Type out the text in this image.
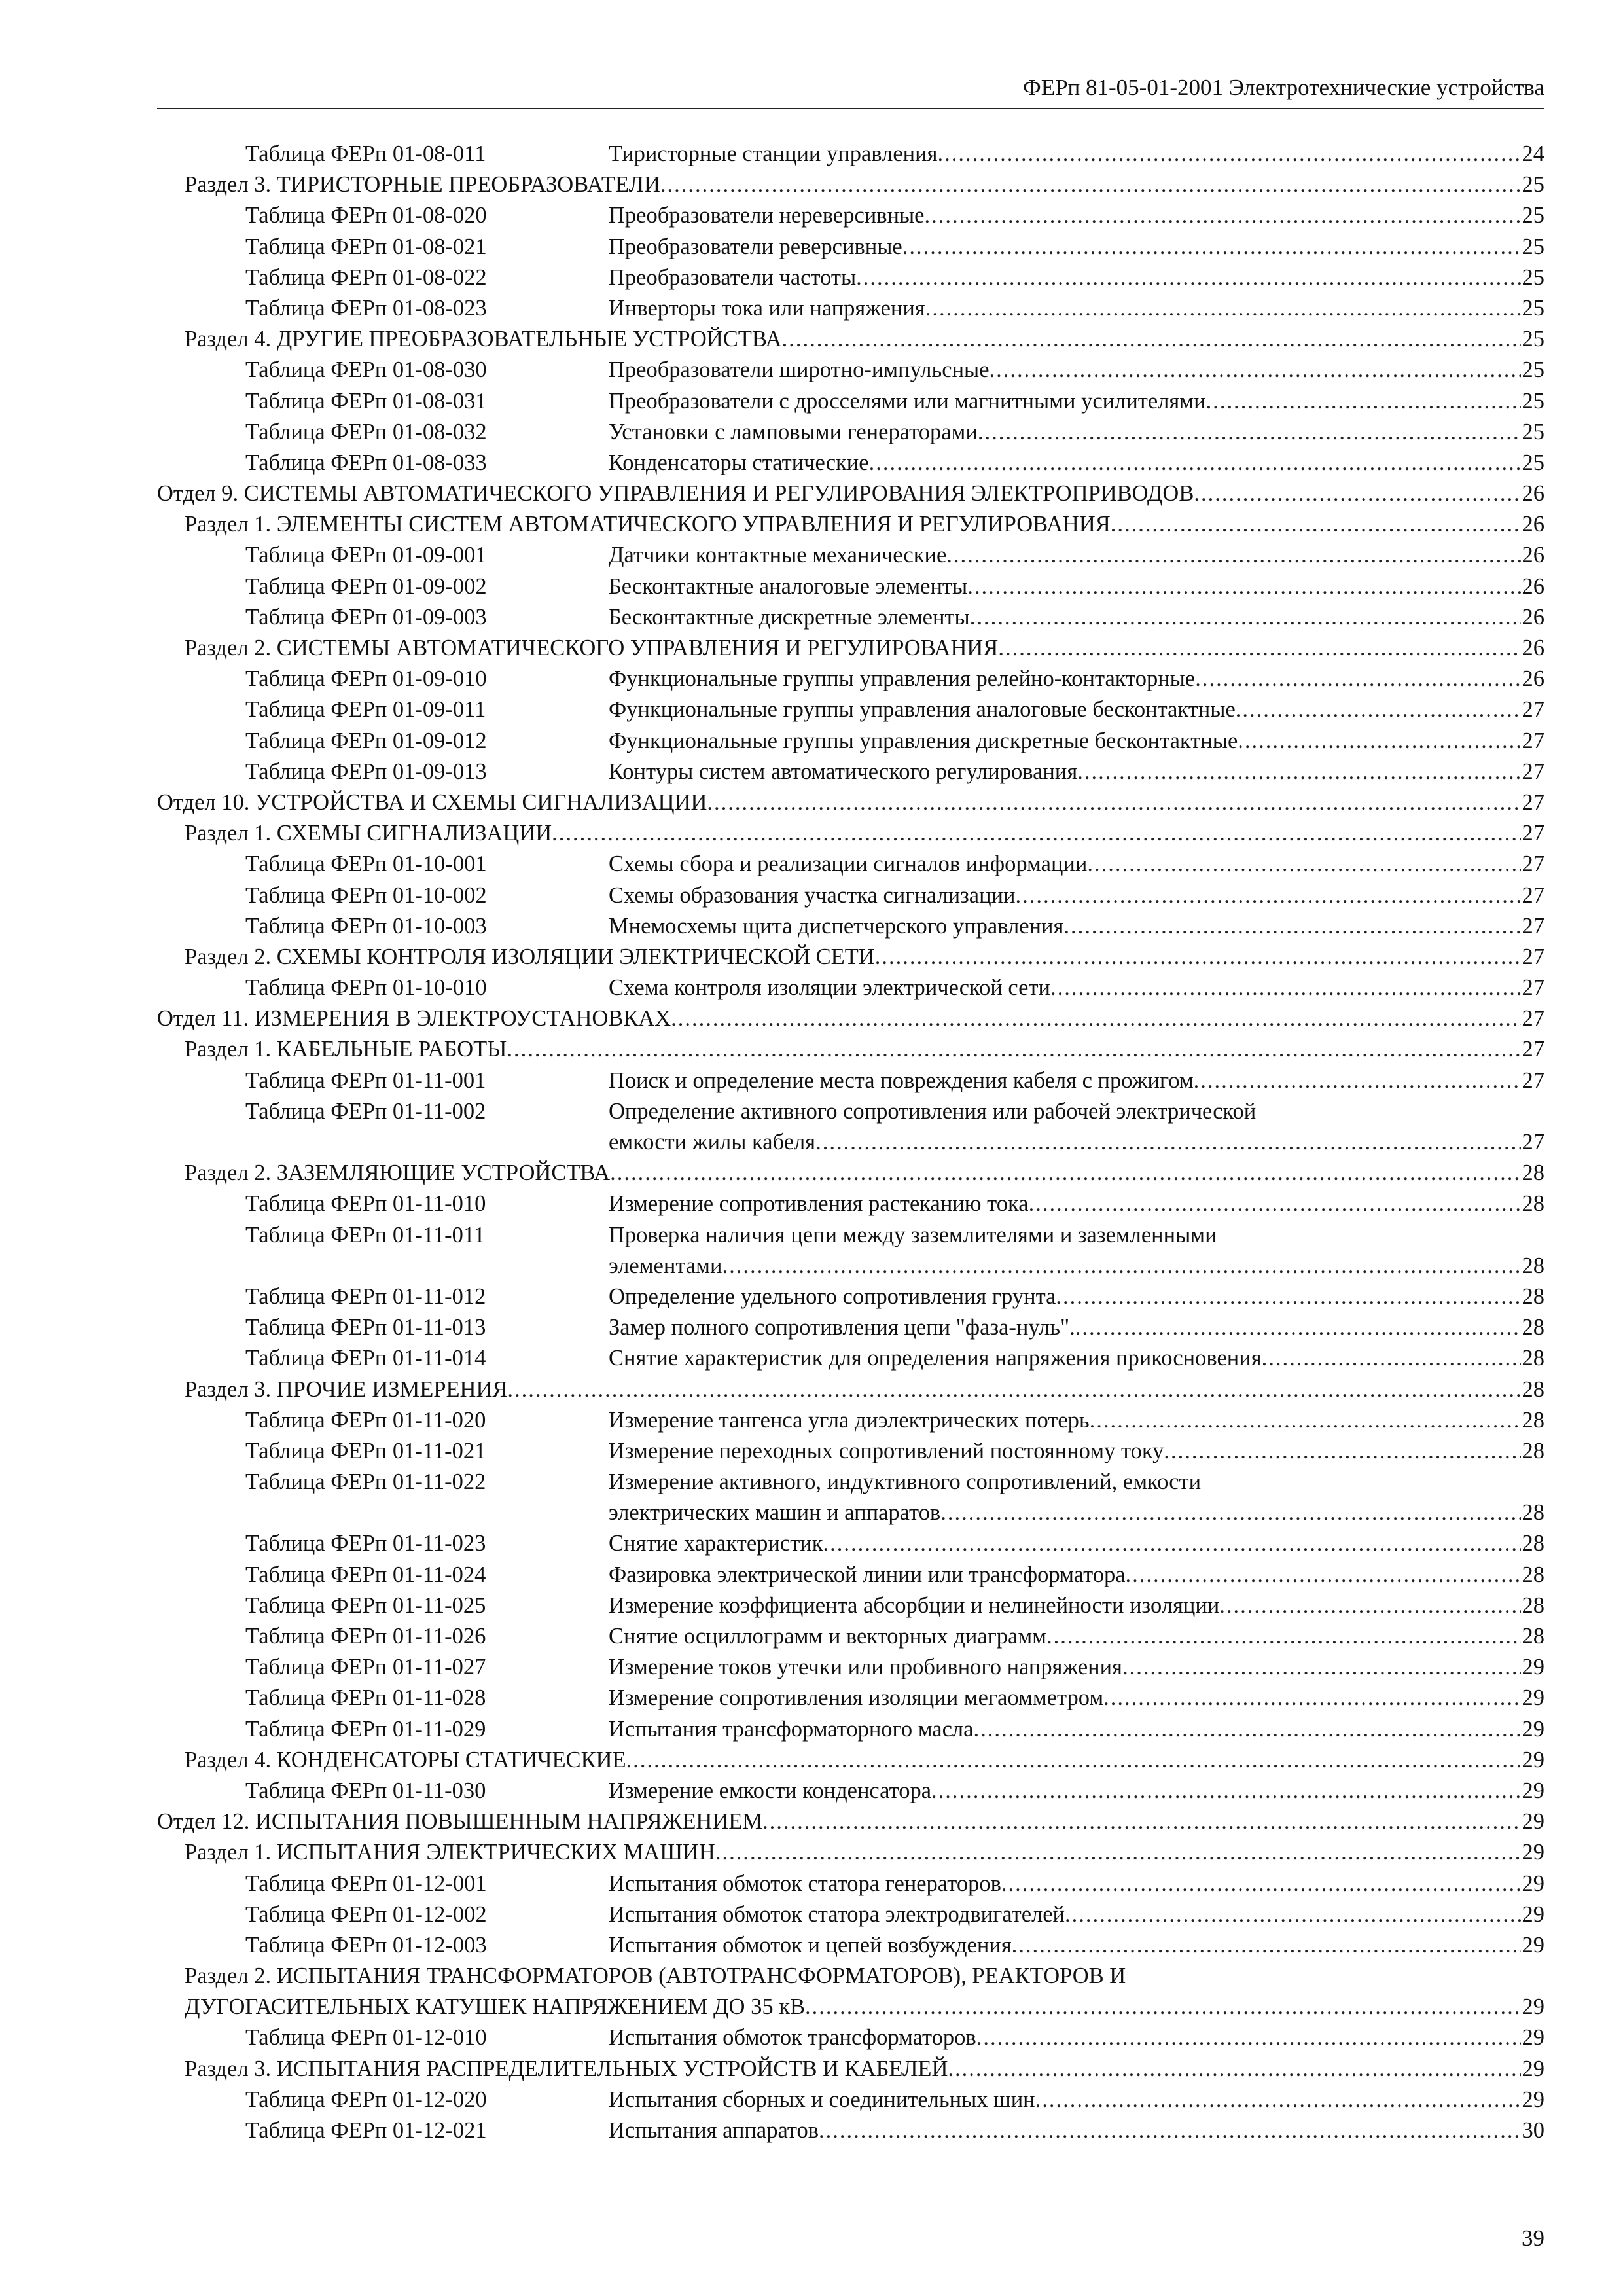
ФЕРп 81-05-01-2001 Электротехнические устройства
Таблица ФЕРп 01-08-011	Тиристорные станции управления .....	24
Раздел 3. ТИРИСТОРНЫЕ ПРЕОБРАЗОВАТЕЛИ .....	25
Таблица ФЕРп 01-08-020	Преобразователи нереверсивные .....	25
Таблица ФЕРп 01-08-021	Преобразователи реверсивные .....	25
Таблица ФЕРп 01-08-022	Преобразователи частоты .....	25
Таблица ФЕРп 01-08-023	Инверторы тока или напряжения .....	25
Раздел 4. ДРУГИЕ ПРЕОБРАЗОВАТЕЛЬНЫЕ УСТРОЙСТВА .....	25
Таблица ФЕРп 01-08-030	Преобразователи широтно-импульсные .....	25
Таблица ФЕРп 01-08-031	Преобразователи с дросселями или магнитными усилителями .....	25
Таблица ФЕРп 01-08-032	Установки с ламповыми генераторами .....	25
Таблица ФЕРп 01-08-033	Конденсаторы статические .....	25
Отдел 9. СИСТЕМЫ АВТОМАТИЧЕСКОГО УПРАВЛЕНИЯ И РЕГУЛИРОВАНИЯ ЭЛЕКТРОПРИВОДОВ .....	26
Раздел 1. ЭЛЕМЕНТЫ СИСТЕМ АВТОМАТИЧЕСКОГО УПРАВЛЕНИЯ И РЕГУЛИРОВАНИЯ .....	26
Таблица ФЕРп 01-09-001	Датчики контактные механические .....	26
Таблица ФЕРп 01-09-002	Бесконтактные аналоговые элементы .....	26
Таблица ФЕРп 01-09-003	Бесконтактные дискретные элементы .....	26
Раздел 2. СИСТЕМЫ АВТОМАТИЧЕСКОГО УПРАВЛЕНИЯ И РЕГУЛИРОВАНИЯ .....	26
Таблица ФЕРп 01-09-010	Функциональные группы управления релейно-контакторные .....	26
Таблица ФЕРп 01-09-011	Функциональные группы управления аналоговые бесконтактные .....	27
Таблица ФЕРп 01-09-012	Функциональные группы управления дискретные бесконтактные .....	27
Таблица ФЕРп 01-09-013	Контуры систем автоматического регулирования .....	27
Отдел 10. УСТРОЙСТВА И СХЕМЫ СИГНАЛИЗАЦИИ .....	27
Раздел 1. СХЕМЫ СИГНАЛИЗАЦИИ .....	27
Таблица ФЕРп 01-10-001	Схемы сбора и реализации сигналов информации .....	27
Таблица ФЕРп 01-10-002	Схемы образования участка сигнализации .....	27
Таблица ФЕРп 01-10-003	Мнемосхемы щита диспетчерского управления .....	27
Раздел 2. СХЕМЫ КОНТРОЛЯ ИЗОЛЯЦИИ ЭЛЕКТРИЧЕСКОЙ СЕТИ .....	27
Таблица ФЕРп 01-10-010	Схема контроля изоляции электрической сети .....	27
Отдел 11. ИЗМЕРЕНИЯ В ЭЛЕКТРОУСТАНОВКАХ .....	27
Раздел 1. КАБЕЛЬНЫЕ РАБОТЫ .....	27
Таблица ФЕРп 01-11-001	Поиск и определение места повреждения кабеля с прожигом .....	27
Таблица ФЕРп 01-11-002	Определение активного сопротивления или рабочей электрической
емкости жилы кабеля .....	27
Раздел 2. ЗАЗЕМЛЯЮЩИЕ УСТРОЙСТВА .....	28
Таблица ФЕРп 01-11-010	Измерение сопротивления растеканию тока .....	28
Таблица ФЕРп 01-11-011	Проверка наличия цепи между заземлителями и заземленными
элементами .....	28
Таблица ФЕРп 01-11-012	Определение удельного сопротивления грунта .....	28
Таблица ФЕРп 01-11-013	Замер полного сопротивления цепи "фаза-нуль". .....	28
Таблица ФЕРп 01-11-014	Снятие характеристик для определения напряжения прикосновения .....	28
Раздел 3. ПРОЧИЕ ИЗМЕРЕНИЯ .....	28
Таблица ФЕРп 01-11-020	Измерение тангенса угла диэлектрических потерь .....	28
Таблица ФЕРп 01-11-021	Измерение переходных сопротивлений постоянному току .....	28
Таблица ФЕРп 01-11-022	Измерение активного, индуктивного сопротивлений, емкости
электрических машин и аппаратов .....	28
Таблица ФЕРп 01-11-023	Снятие характеристик .....	28
Таблица ФЕРп 01-11-024	Фазировка электрической линии или трансформатора .....	28
Таблица ФЕРп 01-11-025	Измерение коэффициента абсорбции и нелинейности изоляции .....	28
Таблица ФЕРп 01-11-026	Снятие осциллограмм и векторных диаграмм .....	28
Таблица ФЕРп 01-11-027	Измерение токов утечки или пробивного напряжения .....	29
Таблица ФЕРп 01-11-028	Измерение сопротивления изоляции мегаомметром .....	29
Таблица ФЕРп 01-11-029	Испытания трансформаторного масла .....	29
Раздел 4. КОНДЕНСАТОРЫ СТАТИЧЕСКИЕ .....	29
Таблица ФЕРп 01-11-030	Измерение емкости конденсатора .....	29
Отдел 12. ИСПЫТАНИЯ ПОВЫШЕННЫМ НАПРЯЖЕНИЕМ .....	29
Раздел 1. ИСПЫТАНИЯ ЭЛЕКТРИЧЕСКИХ МАШИН .....	29
Таблица ФЕРп 01-12-001	Испытания обмоток статора генераторов .....	29
Таблица ФЕРп 01-12-002	Испытания обмоток статора электродвигателей .....	29
Таблица ФЕРп 01-12-003	Испытания обмоток и цепей возбуждения .....	29
Раздел 2. ИСПЫТАНИЯ ТРАНСФОРМАТОРОВ (АВТОТРАНСФОРМАТОРОВ), РЕАКТОРОВ И
ДУГОГАСИТЕЛЬНЫХ КАТУШЕК НАПРЯЖЕНИЕМ ДО 35 кВ .....	29
Таблица ФЕРп 01-12-010	Испытания обмоток трансформаторов .....	29
Раздел 3. ИСПЫТАНИЯ РАСПРЕДЕЛИТЕЛЬНЫХ УСТРОЙСТВ И КАБЕЛЕЙ .....	29
Таблица ФЕРп 01-12-020	Испытания сборных и соединительных шин .....	29
Таблица ФЕРп 01-12-021	Испытания аппаратов .....	30
39
